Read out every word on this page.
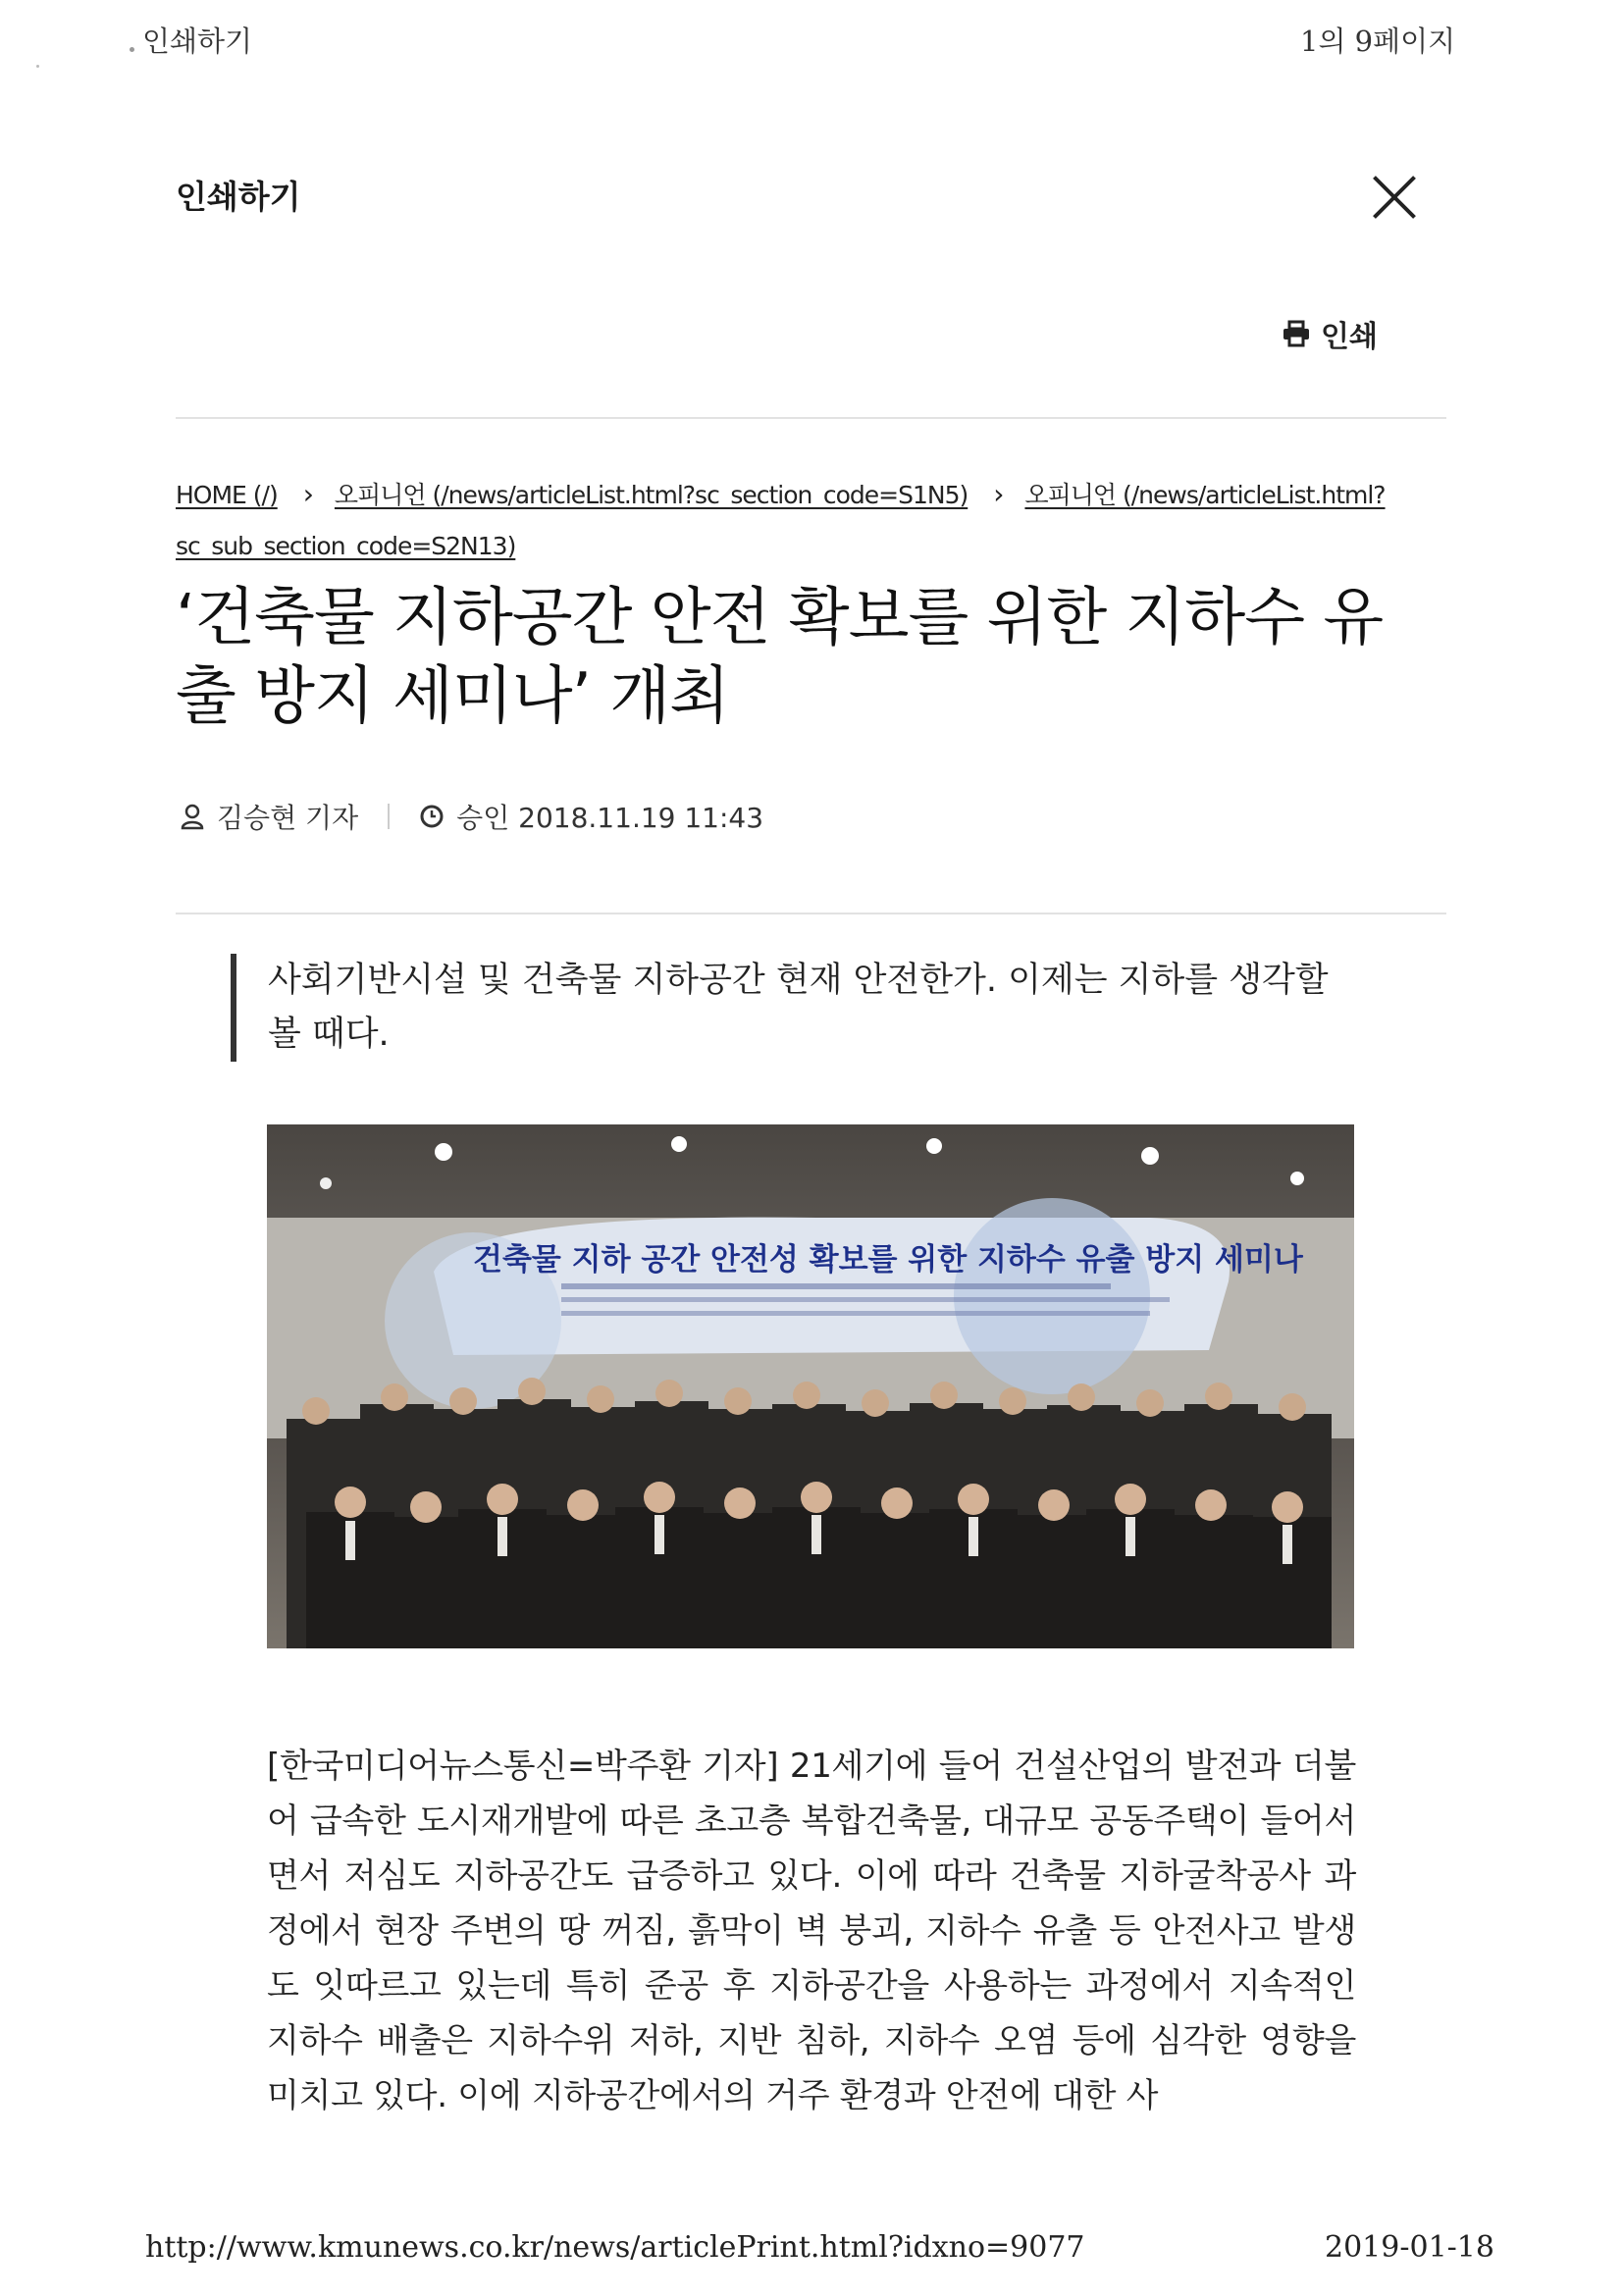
인쇄하기	1의 9페이지
인쇄하기
인쇄
HOME (/) › 오피니언 (/news/articleList.html?sc_section_code=S1N5) › 오피니언 (/news/articleList.html?sc_sub_section_code=S2N13)
‘건축물 지하공간 안전 확보를 위한 지하수 유출 방지 세미나’ 개최
김승현 기자	승인 2018.11.19 11:43
사회기반시설 및 건축물 지하공간 현재 안전한가. 이제는 지하를 생각할 볼 때다.
건축물 지하 공간 안전성 확보를 위한 지하수 유출 방지 세미나
[한국미디어뉴스통신=박주환 기자] 21세기에 들어 건설산업의 발전과 더불어 급속한 도시재개발에 따른 초고층 복합건축물, 대규모 공동주택이 들어서면서 저심도 지하공간도 급증하고 있다. 이에 따라 건축물 지하굴착공사 과정에서 현장 주변의 땅 꺼짐, 흙막이 벽 붕괴, 지하수 유출 등 안전사고 발생도 잇따르고 있는데 특히 준공 후 지하공간을 사용하는 과정에서 지속적인 지하수 배출은 지하수위 저하, 지반 침하, 지하수 오염 등에 심각한 영향을 미치고 있다. 이에 지하공간에서의 거주 환경과 안전에 대한 사
http://www.kmunews.co.kr/news/articlePrint.html?idxno=9077	2019-01-18
